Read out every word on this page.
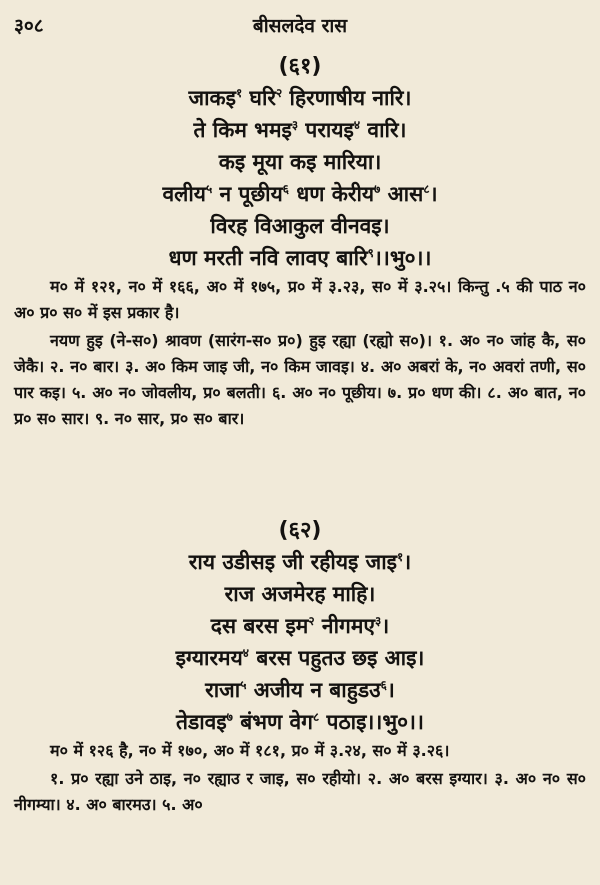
३०८	बीसलदेव रास
(६१)
जाकइ$^१$ घरि$^२$ हिरणाषीय नारि।
ते किम भमइ$^३$ परायइ$^४$ वारि।
कइ मूया कइ मारिया।
वलीय$^५$ न पूछीय$^६$ धण केरीय$^७$ आस$^८$।
विरह विआकुल वीनवइ।
धण मरती नवि लावए बारि$^९$।।भु०।।
म० में १२१, न० में १६६, अ० में १७५, प्र० में ३.२३, स० में ३.२५। किन्तु .५ की पाठ न० अ० प्र० स० में इस प्रकार है।
नयण हुइ (ने-स०) श्रावण (सारंग-स० प्र०) हुइ रह्या (रह्यो स०)। १. अ० न० जांह कै, स० जेकै। २. न० बार। ३. अ० किम जाइ जी, न० किम जावइ। ४. अ० अबरां के, न० अवरां तणी, स० पार कइ। ५. अ० न० जोवलीय, प्र० बलती। ६. अ० न० पूछीय। ७. प्र० धण की। ८. अ० बात, न० प्र० स० सार। ९. न० सार, प्र० स० बार।
(६२)
राय उडीसइ जी रहीयइ जाइ$^१$।
राज अजमेरह माहि।
दस बरस इम$^२$ नीगमए$^३$।
इग्यारमय$^४$ बरस पहुतउ छइ आइ।
राजा$^५$ अजीय न बाहुडउ$^६$।
तेडावइ$^७$ बंभण वेग$^८$ पठाइ।।भु०।।
म० में १२६ है, न० में १७०, अ० में १८१, प्र० में ३.२४, स० में ३.२६।
१. प्र० रह्या उने ठाइ, न० रह्याउ र जाइ, स० रहीयो। २. अ० बरस इग्यार। ३. अ० न० स० नीगम्या। ४. अ० बारमउ। ५. अ०
